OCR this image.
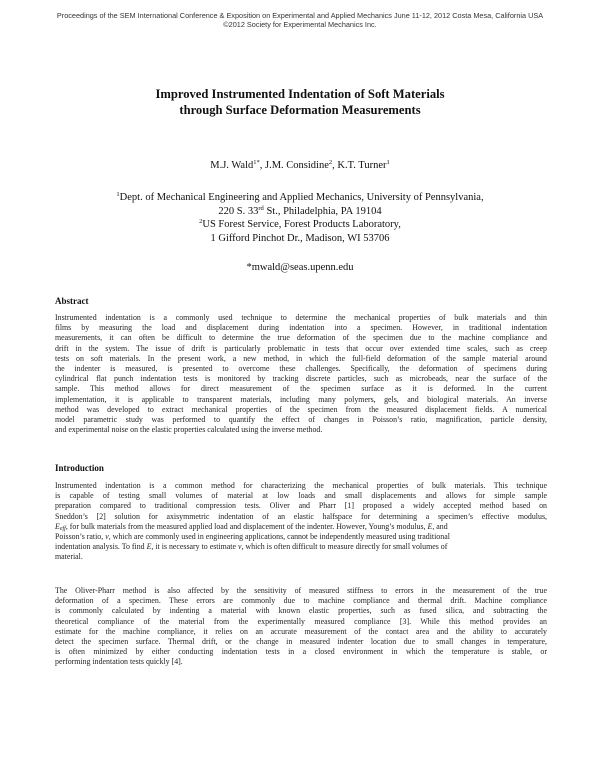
Proceedings of the SEM International Conference & Exposition on Experimental and Applied Mechanics June 11-12, 2012 Costa Mesa, California USA
©2012 Society for Experimental Mechanics Inc.
Improved Instrumented Indentation of Soft Materials
through Surface Deformation Measurements
M.J. Wald$^{1*}$, J.M. Considine$^2$, K.T. Turner$^1$
$^1$Dept. of Mechanical Engineering and Applied Mechanics, University of Pennsylvania,
220 S. 33rd St., Philadelphia, PA 19104
$^2$US Forest Service, Forest Products Laboratory,
1 Gifford Pinchot Dr., Madison, WI 53706
*mwald@seas.upenn.edu
Abstract
Instrumented indentation is a commonly used technique to determine the mechanical properties of bulk materials and thin
films by measuring the load and displacement during indentation into a specimen. However, in traditional indentation
measurements, it can often be difficult to determine the true deformation of the specimen due to the machine compliance and
drift in the system. The issue of drift is particularly problematic in tests that occur over extended time scales, such as creep
tests on soft materials. In the present work, a new method, in which the full-field deformation of the sample material around
the indenter is measured, is presented to overcome these challenges. Specifically, the deformation of specimens during
cylindrical flat punch indentation tests is monitored by tracking discrete particles, such as microbeads, near the surface of the
sample. This method allows for direct measurement of the specimen surface as it is deformed. In the current
implementation, it is applicable to transparent materials, including many polymers, gels, and biological materials. An inverse
method was developed to extract mechanical properties of the specimen from the measured displacement fields. A numerical
model parametric study was performed to quantify the effect of changes in Poisson’s ratio, magnification, particle density,
and experimental noise on the elastic properties calculated using the inverse method.
Introduction
Instrumented indentation is a common method for characterizing the mechanical properties of bulk materials. This technique
is capable of testing small volumes of material at low loads and small displacements and allows for simple sample
preparation compared to traditional compression tests. Oliver and Pharr [1] proposed a widely accepted method based on
Sneddon’s [2] solution for axisymmetric indentation of an elastic halfspace for determining a specimen’s effective modulus,
$E_{eff}$, for bulk materials from the measured applied load and displacement of the indenter. However, Young’s modulus, E, and
Poisson’s ratio, ν, which are commonly used in engineering applications, cannot be independently measured using traditional
indentation analysis. To find E, it is necessary to estimate ν, which is often difficult to measure directly for small volumes of
material.
The Oliver-Pharr method is also affected by the sensitivity of measured stiffness to errors in the measurement of the true
deformation of a specimen. These errors are commonly due to machine compliance and thermal drift. Machine compliance
is commonly calculated by indenting a material with known elastic properties, such as fused silica, and subtracting the
theoretical compliance of the material from the experimentally measured compliance [3]. While this method provides an
estimate for the machine compliance, it relies on an accurate measurement of the contact area and the ability to accurately
detect the specimen surface. Thermal drift, or the change in measured indenter location due to small changes in temperature,
is often minimized by either conducting indentation tests in a closed environment in which the temperature is stable, or
performing indentation tests quickly [4].
